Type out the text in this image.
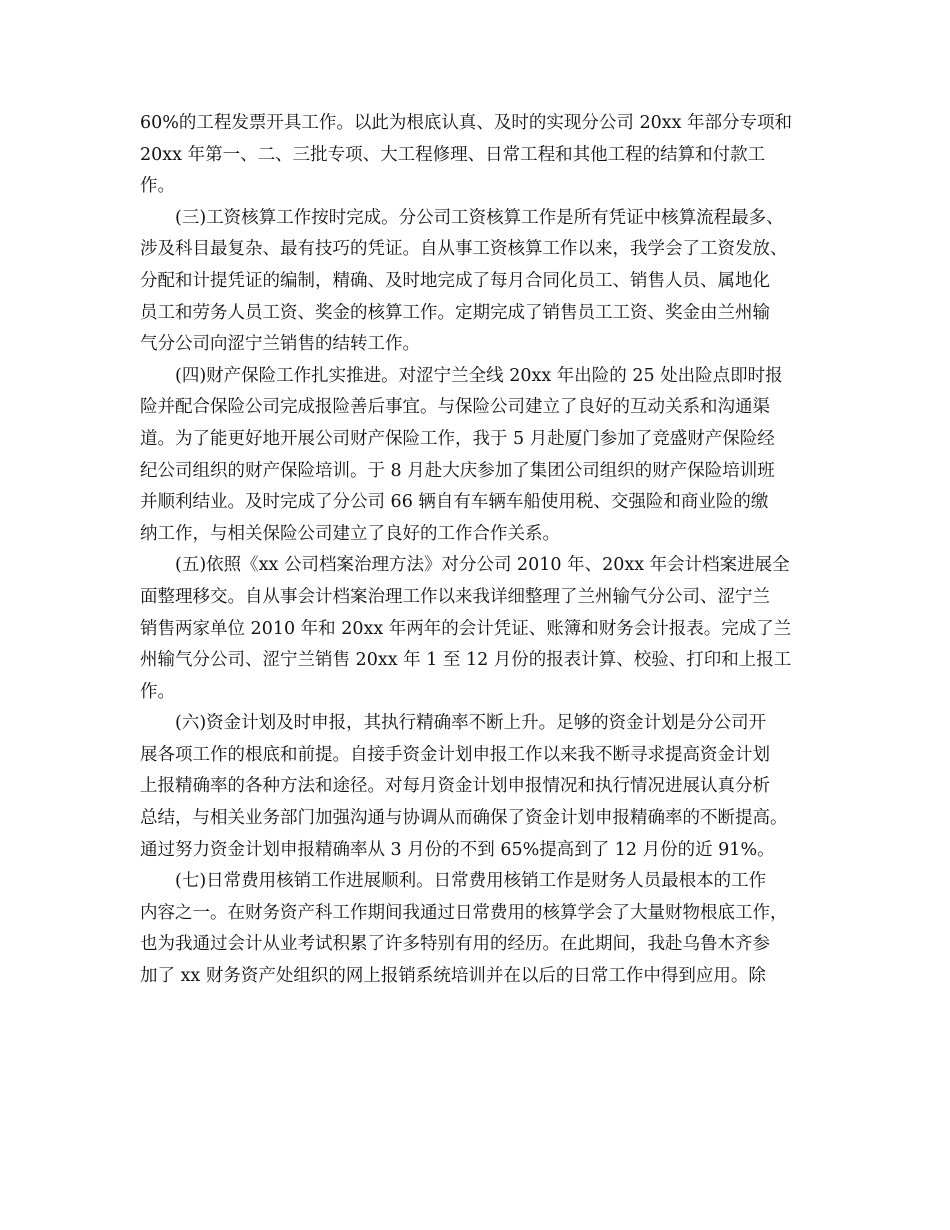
60%的工程发票开具工作。以此为根底认真、及时的实现分公司 20xx 年部分专项和
20xx 年第一、二、三批专项、大工程修理、日常工程和其他工程的结算和付款工
作。
　　(三)工资核算工作按时完成。分公司工资核算工作是所有凭证中核算流程最多、
涉及科目最复杂、最有技巧的凭证。自从事工资核算工作以来，我学会了工资发放、
分配和计提凭证的编制，精确、及时地完成了每月合同化员工、销售人员、属地化
员工和劳务人员工资、奖金的核算工作。定期完成了销售员工工资、奖金由兰州输
气分公司向涩宁兰销售的结转工作。
　　(四)财产保险工作扎实推进。对涩宁兰全线 20xx 年出险的 25 处出险点即时报
险并配合保险公司完成报险善后事宜。与保险公司建立了良好的互动关系和沟通渠
道。为了能更好地开展公司财产保险工作，我于 5 月赴厦门参加了竞盛财产保险经
纪公司组织的财产保险培训。于 8 月赴大庆参加了集团公司组织的财产保险培训班
并顺利结业。及时完成了分公司 66 辆自有车辆车船使用税、交强险和商业险的缴
纳工作，与相关保险公司建立了良好的工作合作关系。
　　(五)依照《xx 公司档案治理方法》对分公司 2010 年、20xx 年会计档案进展全
面整理移交。自从事会计档案治理工作以来我详细整理了兰州输气分公司、涩宁兰
销售两家单位 2010 年和 20xx 年两年的会计凭证、账簿和财务会计报表。完成了兰
州输气分公司、涩宁兰销售 20xx 年 1 至 12 月份的报表计算、校验、打印和上报工
作。
　　(六)资金计划及时申报，其执行精确率不断上升。足够的资金计划是分公司开
展各项工作的根底和前提。自接手资金计划申报工作以来我不断寻求提高资金计划
上报精确率的各种方法和途径。对每月资金计划申报情况和执行情况进展认真分析
总结，与相关业务部门加强沟通与协调从而确保了资金计划申报精确率的不断提高。
通过努力资金计划申报精确率从 3 月份的不到 65%提高到了 12 月份的近 91%。
　　(七)日常费用核销工作进展顺利。日常费用核销工作是财务人员最根本的工作
内容之一。在财务资产科工作期间我通过日常费用的核算学会了大量财物根底工作，
也为我通过会计从业考试积累了许多特别有用的经历。在此期间，我赴乌鲁木齐参
加了 xx 财务资产处组织的网上报销系统培训并在以后的日常工作中得到应用。除
